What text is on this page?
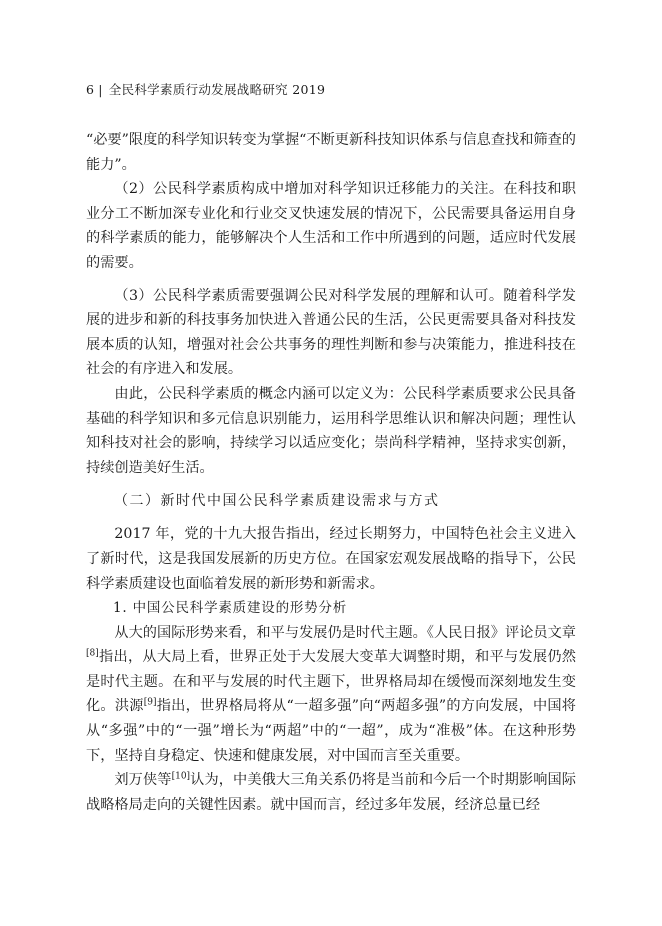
6 | 全民科学素质行动发展战略研究 2019

“必要”限度的科学知识转变为掌握“不断更新科技知识体系与信息查找和筛查的能力”。

（2）公民科学素质构成中增加对科学知识迁移能力的关注。在科技和职业分工不断加深专业化和行业交叉快速发展的情况下，公民需要具备运用自身的科学素质的能力，能够解决个人生活和工作中所遇到的问题，适应时代发展的需要。

（3）公民科学素质需要强调公民对科学发展的理解和认可。随着科学发展的进步和新的科技事务加快进入普通公民的生活，公民更需要具备对科技发展本质的认知，增强对社会公共事务的理性判断和参与决策能力，推进科技在社会的有序进入和发展。

由此，公民科学素质的概念内涵可以定义为：公民科学素质要求公民具备基础的科学知识和多元信息识别能力，运用科学思维认识和解决问题；理性认知科技对社会的影响，持续学习以适应变化；崇尚科学精神，坚持求实创新，持续创造美好生活。

（二）新时代中国公民科学素质建设需求与方式

2017 年，党的十九大报告指出，经过长期努力，中国特色社会主义进入了新时代，这是我国发展新的历史方位。在国家宏观发展战略的指导下，公民科学素质建设也面临着发展的新形势和新需求。

1. 中国公民科学素质建设的形势分析

从大的国际形势来看，和平与发展仍是时代主题。《人民日报》评论员文章[8]指出，从大局上看，世界正处于大发展大变革大调整时期，和平与发展仍然是时代主题。在和平与发展的时代主题下，世界格局却在缓慢而深刻地发生变化。洪源[9]指出，世界格局将从“一超多强”向“两超多强”的方向发展，中国将从“多强”中的“一强”增长为“两超”中的“一超”，成为“准极”体。在这种形势下，坚持自身稳定、快速和健康发展，对中国而言至关重要。

刘万侠等[10]认为，中美俄大三角关系仍将是当前和今后一个时期影响国际战略格局走向的关键性因素。就中国而言，经过多年发展，经济总量已经
